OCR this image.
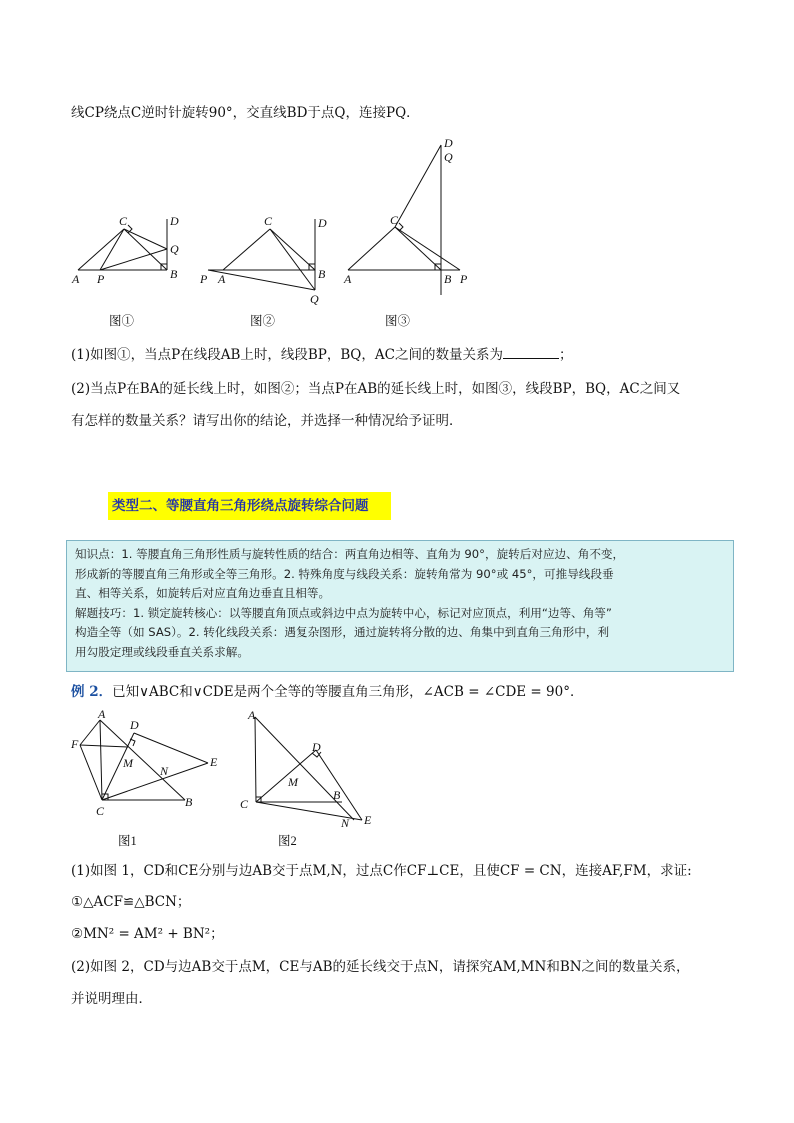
线CP绕点C逆时针旋转90°，交直线BD于点Q，连接PQ．
C	D
Q
A P	B
图①
C	D
P A	B
Q
图②
D
Q
C
A	B P
图③
(1)如图①，当点P在线段AB上时，线段BP，BQ，AC之间的数量关系为	；
(2)当点P在BA的延长线上时，如图②；当点P在AB的延长线上时，如图③，线段BP，BQ，AC之间又
有怎样的数量关系？请写出你的结论，并选择一种情况给予证明．
类型二、等腰直角三角形绕点旋转综合问题
知识点：1. 等腰直角三角形性质与旋转性质的结合：两直角边相等、直角为 90°，旋转后对应边、角不变，
形成新的等腰直角三角形或全等三角形。2. 特殊角度与线段关系：旋转角常为 90°或 45°，可推导线段垂
直、相等关系，如旋转后对应直角边垂直且相等。
解题技巧：1. 锁定旋转核心：以等腰直角顶点或斜边中点为旋转中心，标记对应顶点，利用“边等、角等”
构造全等（如 SAS）。2. 转化线段关系：遇复杂图形，通过旋转将分散的边、角集中到直角三角形中，利
用勾股定理或线段垂直关系求解。
例 2．已知∨ABC和∨CDE是两个全等的等腰直角三角形，∠ACB = ∠CDE = 90°．
A
D
F
M
N
E
C
B
图1
A
D
M
C
B
N E
图2
(1)如图 1，CD和CE分别与边AB交于点M,N，过点C作CF⊥CE，且使CF = CN，连接AF,FM，求证:
①△ACF≌△BCN；
②MN² = AM² + BN²；
(2)如图 2，CD与边AB交于点M，CE与AB的延长线交于点N，请探究AM,MN和BN之间的数量关系，
并说明理由．
